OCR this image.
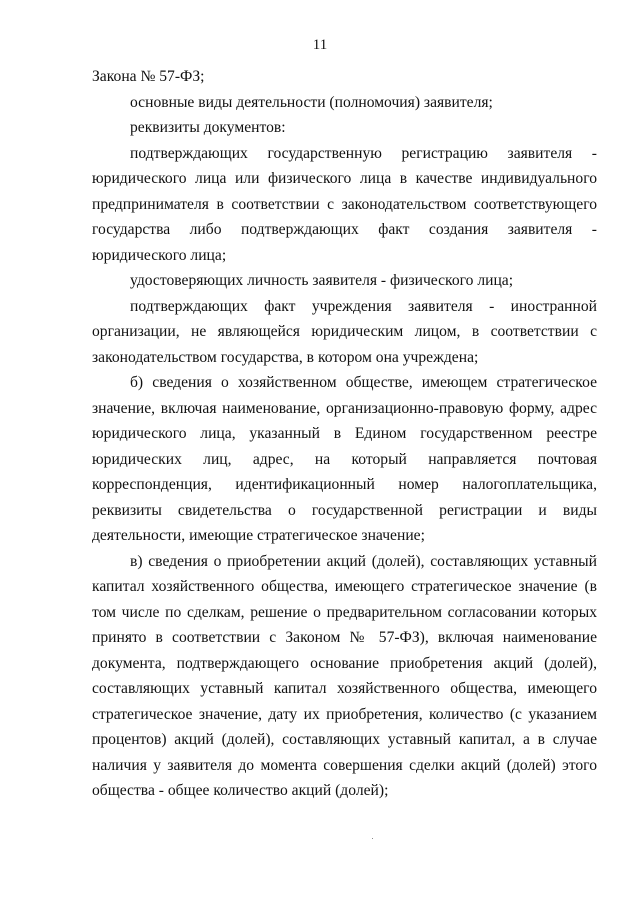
11

Закона № 57-ФЗ;

основные виды деятельности (полномочия) заявителя;

реквизиты документов:

подтверждающих государственную регистрацию заявителя - юридического лица или физического лица в качестве индивидуального предпринимателя в соответствии с законодательством соответствующего государства либо подтверждающих факт создания заявителя - юридического лица;

удостоверяющих личность заявителя - физического лица;

подтверждающих факт учреждения заявителя - иностранной организации, не являющейся юридическим лицом, в соответствии с законодательством государства, в котором она учреждена;

б) сведения о хозяйственном обществе, имеющем стратегическое значение, включая наименование, организационно-правовую форму, адрес юридического лица, указанный в Едином государственном реестре юридических лиц, адрес, на который направляется почтовая корреспонденция, идентификационный номер налогоплательщика, реквизиты свидетельства о государственной регистрации и виды деятельности, имеющие стратегическое значение;

в) сведения о приобретении акций (долей), составляющих уставный капитал хозяйственного общества, имеющего стратегическое значение (в том числе по сделкам, решение о предварительном согласовании которых принято в соответствии с Законом № 57-ФЗ), включая наименование документа, подтверждающего основание приобретения акций (долей), составляющих уставный капитал хозяйственного общества, имеющего стратегическое значение, дату их приобретения, количество (с указанием процентов) акций (долей), составляющих уставный капитал, а в случае наличия у заявителя до момента совершения сделки акций (долей) этого общества - общее количество акций (долей);
